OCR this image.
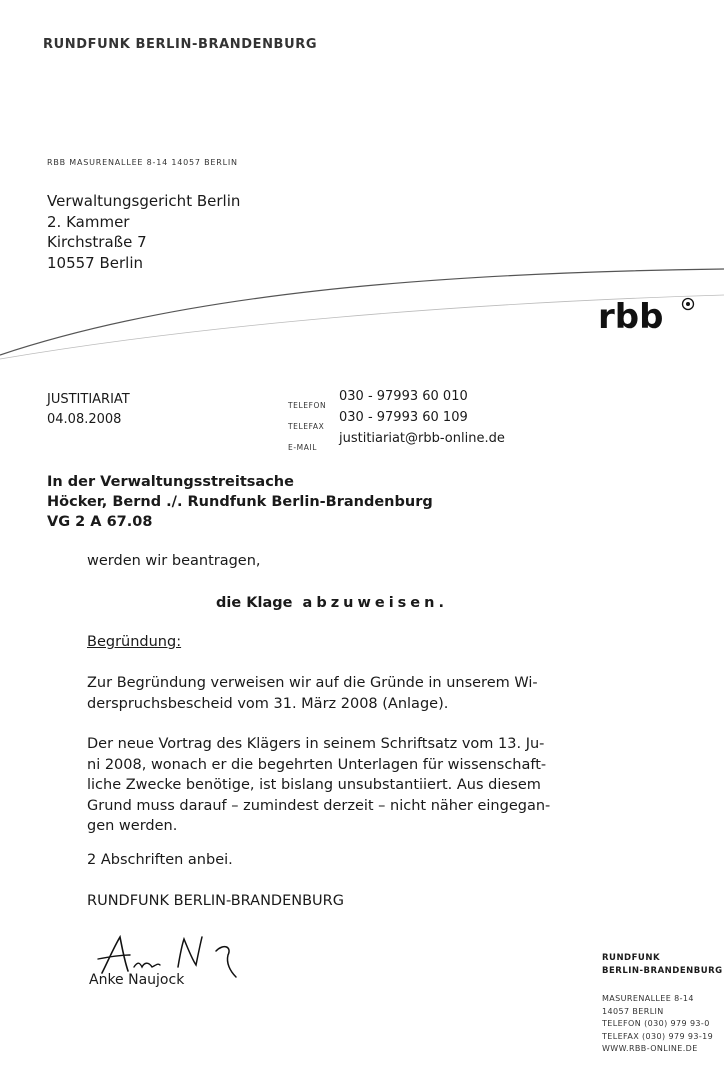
RUNDFUNK BERLIN-BRANDENBURG
RBB MASURENALLEE 8-14 14057 BERLIN
Verwaltungsgericht Berlin
2. Kammer
Kirchstraße 7
10557 Berlin
rbb
JUSTITIARIAT
04.08.2008
TELEFON
030 - 97993 60 010
TELEFAX
030 - 97993 60 109
E-MAIL
justitiariat@rbb-online.de
In der Verwaltungsstreitsache
Höcker, Bernd ./. Rundfunk Berlin-Brandenburg
VG 2 A 67.08
werden wir beantragen,
die Klage abzuweisen.
Begründung:
Zur Begründung verweisen wir auf die Gründe in unserem Wi-
derspruchsbescheid vom 31. März 2008 (Anlage).
Der neue Vortrag des Klägers in seinem Schriftsatz vom 13. Ju-
ni 2008, wonach er die begehrten Unterlagen für wissenschaft-
liche Zwecke benötige, ist bislang unsubstantiiert. Aus diesem
Grund muss darauf – zumindest derzeit – nicht näher eingegan-
gen werden.
2 Abschriften anbei.
RUNDFUNK BERLIN-BRANDENBURG
Anke Naujock
RUNDFUNK
BERLIN-BRANDENBURG
MASURENALLEE 8-14
14057 BERLIN
TELEFON (030) 979 93-0
TELEFAX (030) 979 93-19
WWW.RBB-ONLINE.DE
